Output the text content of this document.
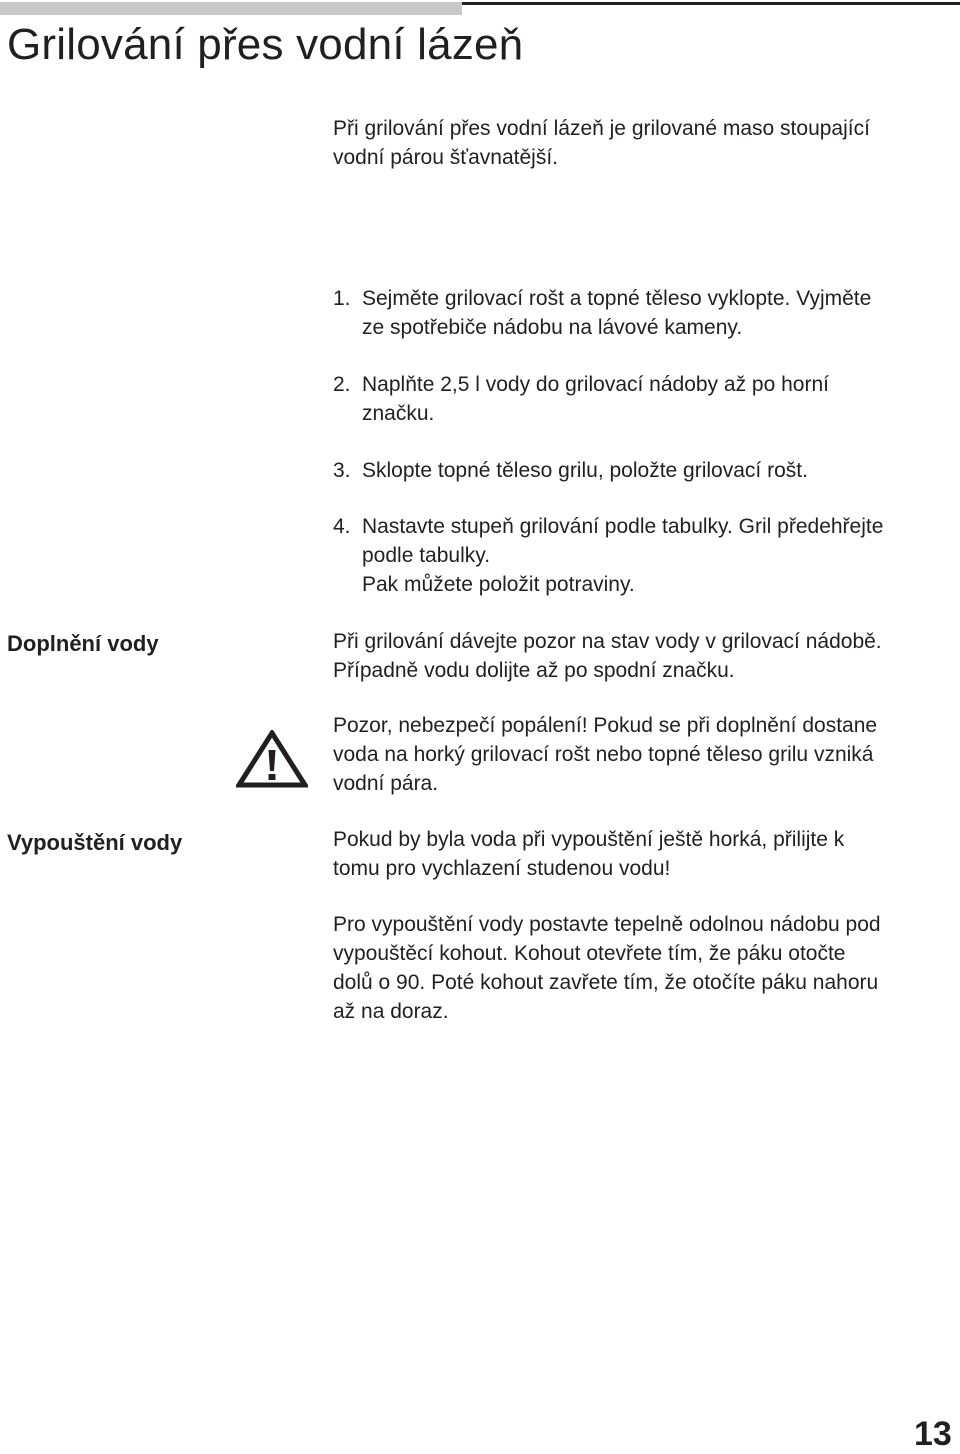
Grilování přes vodní lázeň

Při grilování přes vodní lázeň je grilované maso stoupající
vodní párou šťavnatější.

1. Sejměte grilovací rošt a topné těleso vyklopte. Vyjměte
ze spotřebiče nádobu na lávové kameny.
2. Naplňte 2,5 l vody do grilovací nádoby až po horní
značku.
3. Sklopte topné těleso grilu, položte grilovací rošt.
4. Nastavte stupeň grilování podle tabulky. Gril předehřejte
podle tabulky.
Pak můžete položit potraviny.
Doplnění vody	Při grilování dávejte pozor na stav vody v grilovací nádobě.
Případně vodu dolijte až po spodní značku.

Pozor, nebezpečí popálení! Pokud se při doplnění dostane
voda na horký grilovací rošt nebo topné těleso grilu vzniká
vodní pára.

Vypouštění vody	Pokud by byla voda při vypouštění ještě horká, přilijte k
tomu pro vychlazení studenou vodu!

Pro vypouštění vody postavte tepelně odolnou nádobu pod
vypouštěcí kohout. Kohout otevřete tím, že páku otočte
dolů o 90. Poté kohout zavřete tím, že otočíte páku nahoru
až na doraz.

13
